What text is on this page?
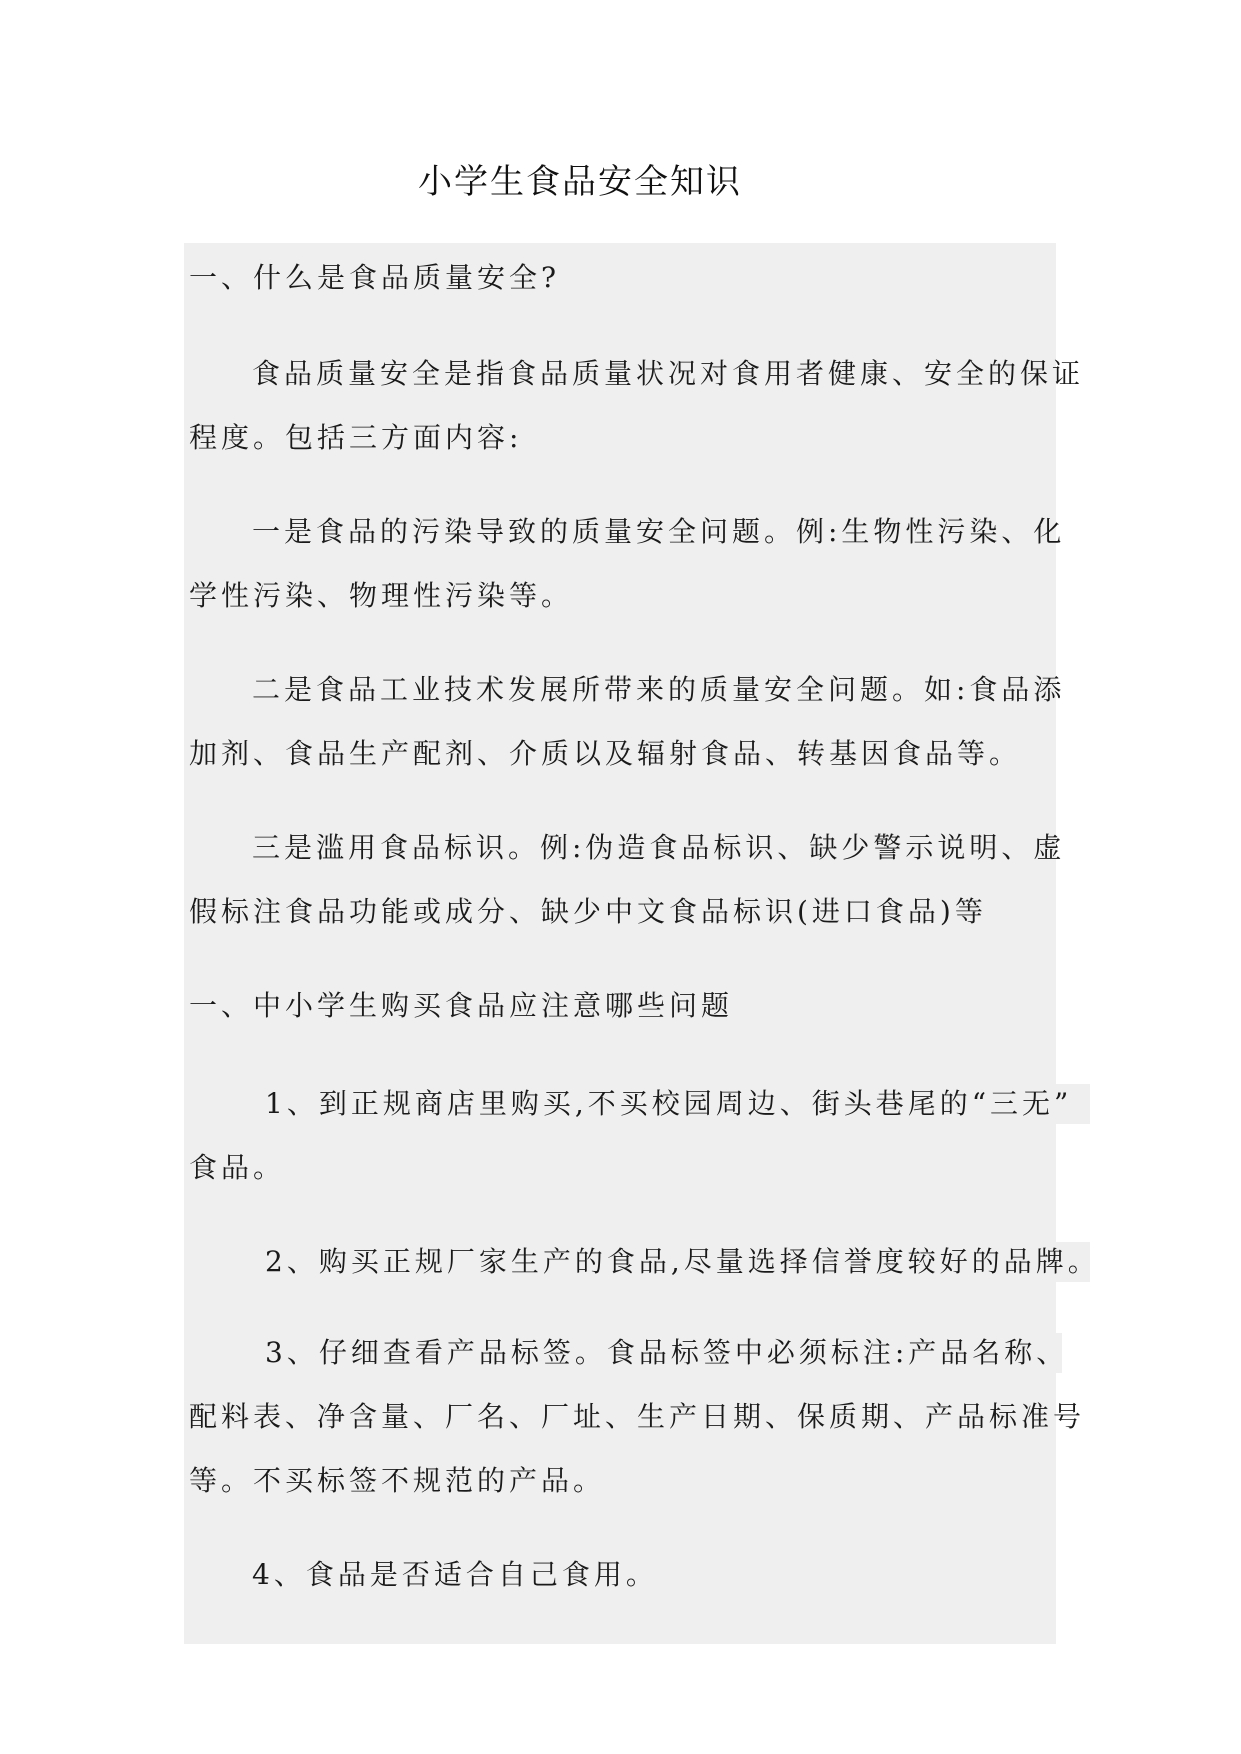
小学生食品安全知识
一、什么是食品质量安全?
食品质量安全是指食品质量状况对食用者健康、安全的保证
程度。包括三方面内容:
一是食品的污染导致的质量安全问题。例:生物性污染、化
学性污染、物理性污染等。
二是食品工业技术发展所带来的质量安全问题。如:食品添
加剂、食品生产配剂、介质以及辐射食品、转基因食品等。
三是滥用食品标识。例:伪造食品标识、缺少警示说明、虚
假标注食品功能或成分、缺少中文食品标识(进口食品)等
一、中小学生购买食品应注意哪些问题
1、到正规商店里购买,不买校园周边、街头巷尾的“三无”
食品。
2、购买正规厂家生产的食品,尽量选择信誉度较好的品牌。
3、仔细查看产品标签。食品标签中必须标注:产品名称、
配料表、净含量、厂名、厂址、生产日期、保质期、产品标准号
等。不买标签不规范的产品。
4、食品是否适合自己食用。
